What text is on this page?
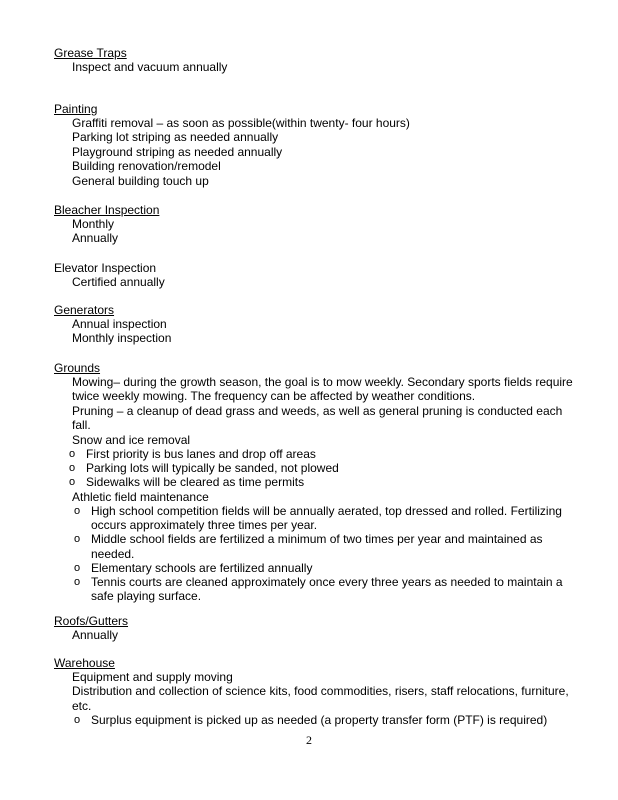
Grease Traps
Inspect and vacuum annually
Painting
Graffiti removal – as soon as possible(within twenty- four hours)
Parking lot striping as needed annually
Playground striping as needed annually
Building renovation/remodel
General building touch up
Bleacher Inspection
Monthly
Annually
Elevator Inspection
Certified annually
Generators
Annual inspection
Monthly inspection
Grounds
Mowing– during the growth season, the goal is to mow weekly. Secondary sports fields require twice weekly mowing. The frequency can be affected by weather conditions.
Pruning – a cleanup of dead grass and weeds, as well as general pruning is conducted each fall.
Snow and ice removal
o First priority is bus lanes and drop off areas
o Parking lots will typically be sanded, not plowed
o Sidewalks will be cleared as time permits
Athletic field maintenance
o High school competition fields will be annually aerated, top dressed and rolled. Fertilizing occurs approximately three times per year.
o Middle school fields are fertilized a minimum of two times per year and maintained as needed.
o Elementary schools are fertilized annually
o Tennis courts are cleaned approximately once every three years as needed to maintain a safe playing surface.
Roofs/Gutters
Annually
Warehouse
Equipment and supply moving
Distribution and collection of science kits, food commodities, risers, staff relocations, furniture, etc.
o Surplus equipment is picked up as needed (a property transfer form (PTF) is required)
2
